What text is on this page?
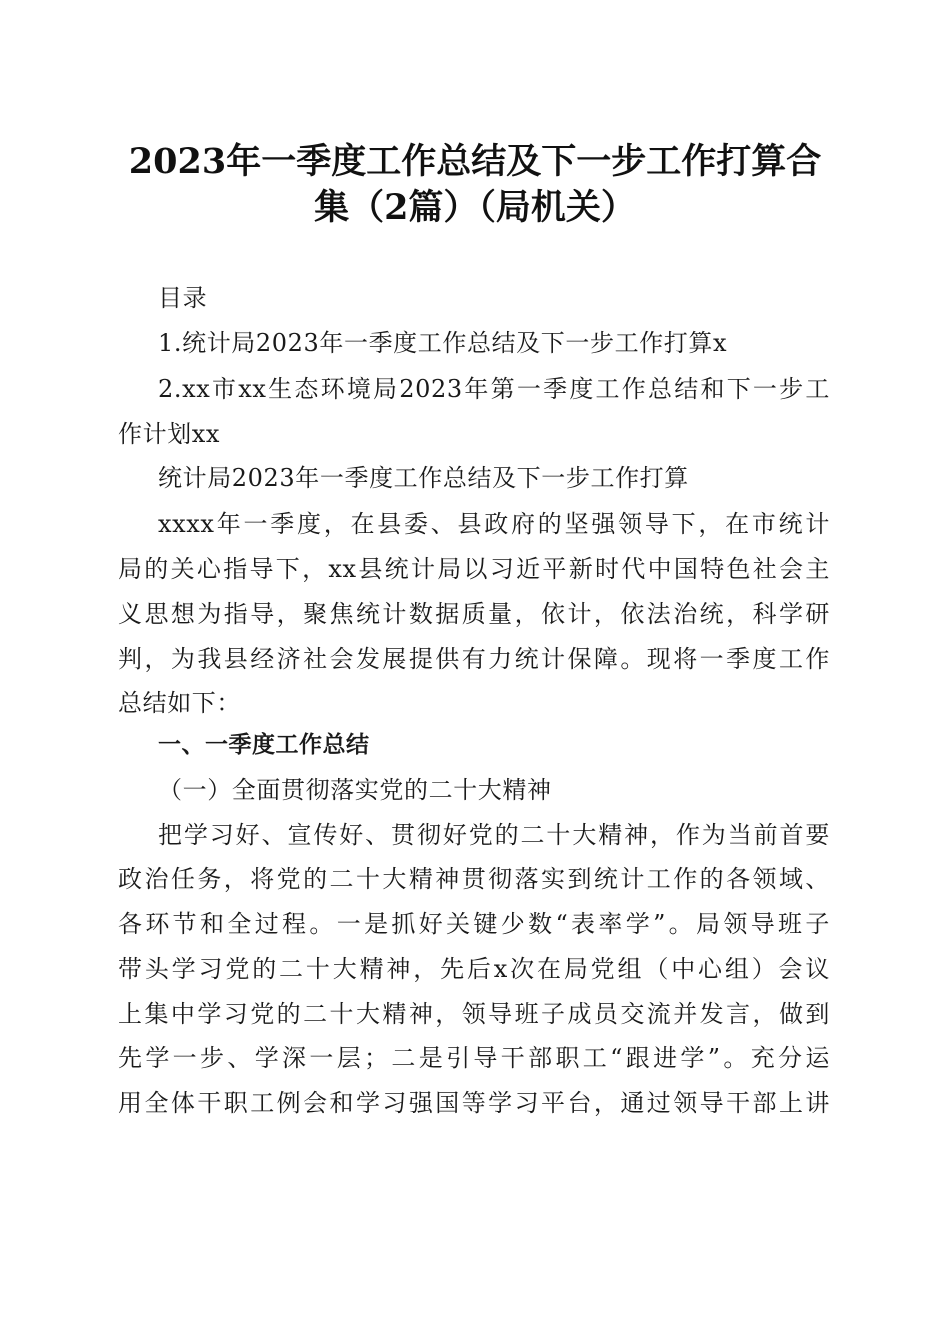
2023年一季度工作总结及下一步工作打算合
集（2篇）（局机关）
目录
1.统计局2023年一季度工作总结及下一步工作打算x
2.xx市xx生态环境局2023年第一季度工作总结和下一步工
作计划xx
统计局2023年一季度工作总结及下一步工作打算
xxxx年一季度，在县委、县政府的坚强领导下，在市统计
局的关心指导下，xx县统计局以习近平新时代中国特色社会主
义思想为指导，聚焦统计数据质量，依计，依法治统，科学研
判，为我县经济社会发展提供有力统计保障。现将一季度工作
总结如下：
一、一季度工作总结
（一）全面贯彻落实党的二十大精神
把学习好、宣传好、贯彻好党的二十大精神，作为当前首要
政治任务，将党的二十大精神贯彻落实到统计工作的各领域、
各环节和全过程。一是抓好关键少数“表率学”。局领导班子
带头学习党的二十大精神，先后x次在局党组（中心组）会议
上集中学习党的二十大精神，领导班子成员交流并发言，做到
先学一步、学深一层；二是引导干部职工“跟进学”。充分运
用全体干职工例会和学习强国等学习平台，通过领导干部上讲
